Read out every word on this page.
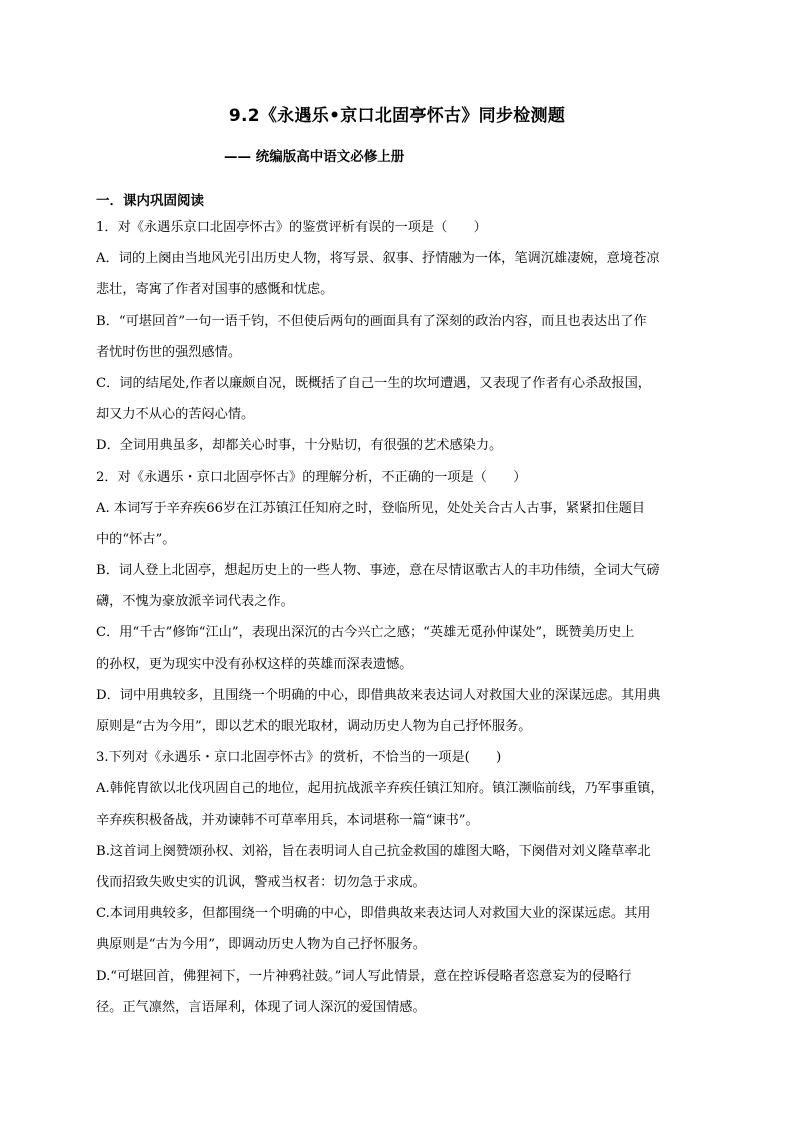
9.2《永遇乐•京口北固亭怀古》同步检测题
—— 统编版高中语文必修上册
一．课内巩固阅读
1．对《永遇乐京口北固亭怀古》的鉴赏评析有误的一项是（　　）
A．词的上阕由当地风光引出历史人物，将写景、叙事、抒情融为一体，笔调沉雄凄婉，意境苍凉
悲壮，寄寓了作者对国事的感慨和忧虑。
B．“可堪回首”一句一语千钧，不但使后两句的画面具有了深刻的政治内容，而且也表达出了作
者忧时伤世的强烈感情。
C．词的结尾处,作者以廉颇自况，既概括了自己一生的坎坷遭遇，又表现了作者有心杀敌报国，
却又力不从心的苦闷心情。
D．全词用典虽多，却都关心时事，十分贴切，有很强的艺术感染力。
2．对《永遇乐・京口北固亭怀古》的理解分析，不正确的一项是（　　）
A. 本词写于辛弃疾66岁在江苏镇江任知府之时，登临所见，处处关合古人古事，紧紧扣住题目
中的“怀古”。
B．词人登上北固亭，想起历史上的一些人物、事迹，意在尽情讴歌古人的丰功伟绩，全词大气磅
礴，不愧为豪放派辛词代表之作。
C．用“千古”修饰“江山”，表现出深沉的古今兴亡之感；“英雄无觅孙仲谋处”，既赞美历史上
的孙权，更为现实中没有孙权这样的英雄而深表遗憾。
D．词中用典较多，且围绕一个明确的中心，即借典故来表达词人对救国大业的深谋远虑。其用典
原则是“古为今用”，即以艺术的眼光取材，调动历史人物为自己抒怀服务。
3.下列对《永遇乐・京口北固亭怀古》的赏析，不恰当的一项是(　　)
A.韩侂胄欲以北伐巩固自己的地位，起用抗战派辛弃疾任镇江知府。镇江濒临前线，乃军事重镇，
辛弃疾积极备战，并劝谏韩不可草率用兵，本词堪称一篇“谏书”。
B.这首词上阕赞颂孙权、刘裕，旨在表明词人自己抗金救国的雄图大略，下阕借对刘义隆草率北
伐而招致失败史实的讥讽，警戒当权者：切勿急于求成。
C.本词用典较多，但都围绕一个明确的中心，即借典故来表达词人对救国大业的深谋远虑。其用
典原则是“古为今用”，即调动历史人物为自己抒怀服务。
D.“可堪回首，佛狸祠下，一片神鸦社鼓。”词人写此情景，意在控诉侵略者恣意妄为的侵略行
径。正气凛然，言语犀利，体现了词人深沉的爱国情感。
